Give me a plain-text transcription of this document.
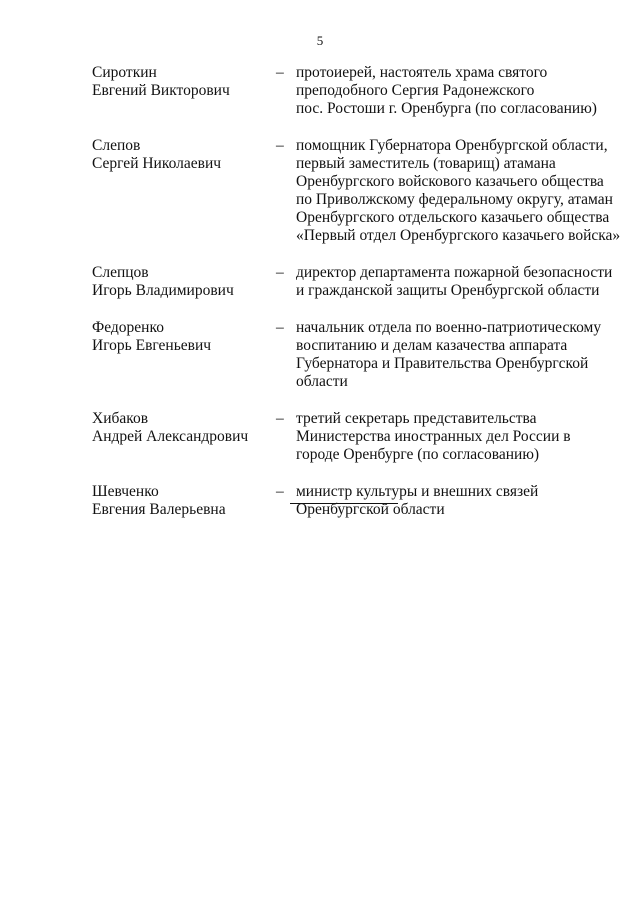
5
Сироткин
Евгений Викторович
– протоиерей, настоятель храма святого
преподобного Сергия Радонежского
пос. Ростоши г. Оренбурга (по согласованию)
Слепов
Сергей Николаевич
– помощник Губернатора Оренбургской области,
первый заместитель (товарищ) атамана
Оренбургского войскового казачьего общества
по Приволжскому федеральному округу, атаман
Оренбургского отдельского казачьего общества
«Первый отдел Оренбургского казачьего войска»
Слепцов
Игорь Владимирович
– директор департамента пожарной безопасности
и гражданской защиты Оренбургской области
Федоренко
Игорь Евгеньевич
– начальник отдела по военно-патриотическому
воспитанию и делам казачества аппарата
Губернатора и Правительства Оренбургской
области
Хибаков
Андрей Александрович
– третий секретарь представительства
Министерства иностранных дел России в
городе Оренбурге (по согласованию)
Шевченко
Евгения Валерьевна
– министр культуры и внешних связей
Оренбургской области
